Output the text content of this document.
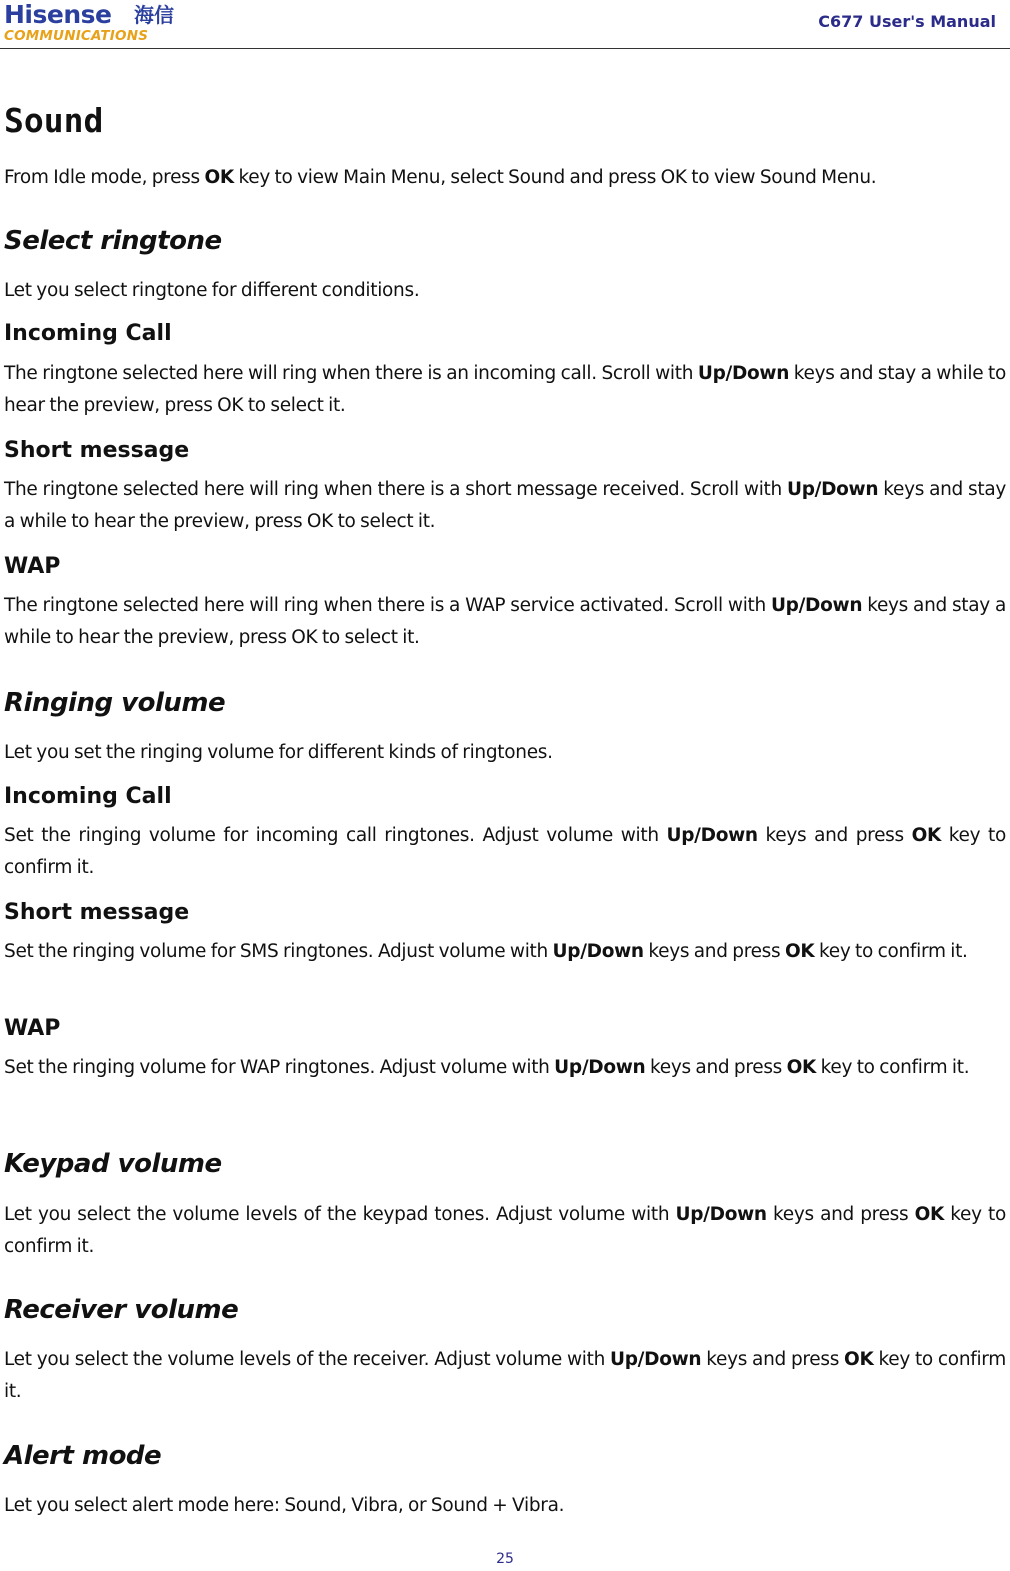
Hisense 海信
COMMUNICATIONS
C677 User's Manual
Sound

From Idle mode, press OK key to view Main Menu, select Sound and press OK to view Sound Menu.

Select ringtone

Let you select ringtone for different conditions.

Incoming Call

The ringtone selected here will ring when there is an incoming call. Scroll with Up/Down keys and stay a while to hear the preview, press OK to select it.

Short message

The ringtone selected here will ring when there is a short message received. Scroll with Up/Down keys and stay a while to hear the preview, press OK to select it.

WAP

The ringtone selected here will ring when there is a WAP service activated. Scroll with Up/Down keys and stay a while to hear the preview, press OK to select it.

Ringing volume

Let you set the ringing volume for different kinds of ringtones.

Incoming Call

Set the ringing volume for incoming call ringtones. Adjust volume with Up/Down keys and press OK key to confirm it.

Short message

Set the ringing volume for SMS ringtones. Adjust volume with Up/Down keys and press OK key to confirm it.

WAP

Set the ringing volume for WAP ringtones. Adjust volume with Up/Down keys and press OK key to confirm it.

Keypad volume

Let you select the volume levels of the keypad tones. Adjust volume with Up/Down keys and press OK key to confirm it.

Receiver volume

Let you select the volume levels of the receiver. Adjust volume with Up/Down keys and press OK key to confirm it.

Alert mode

Let you select alert mode here: Sound, Vibra, or Sound + Vibra.

25
